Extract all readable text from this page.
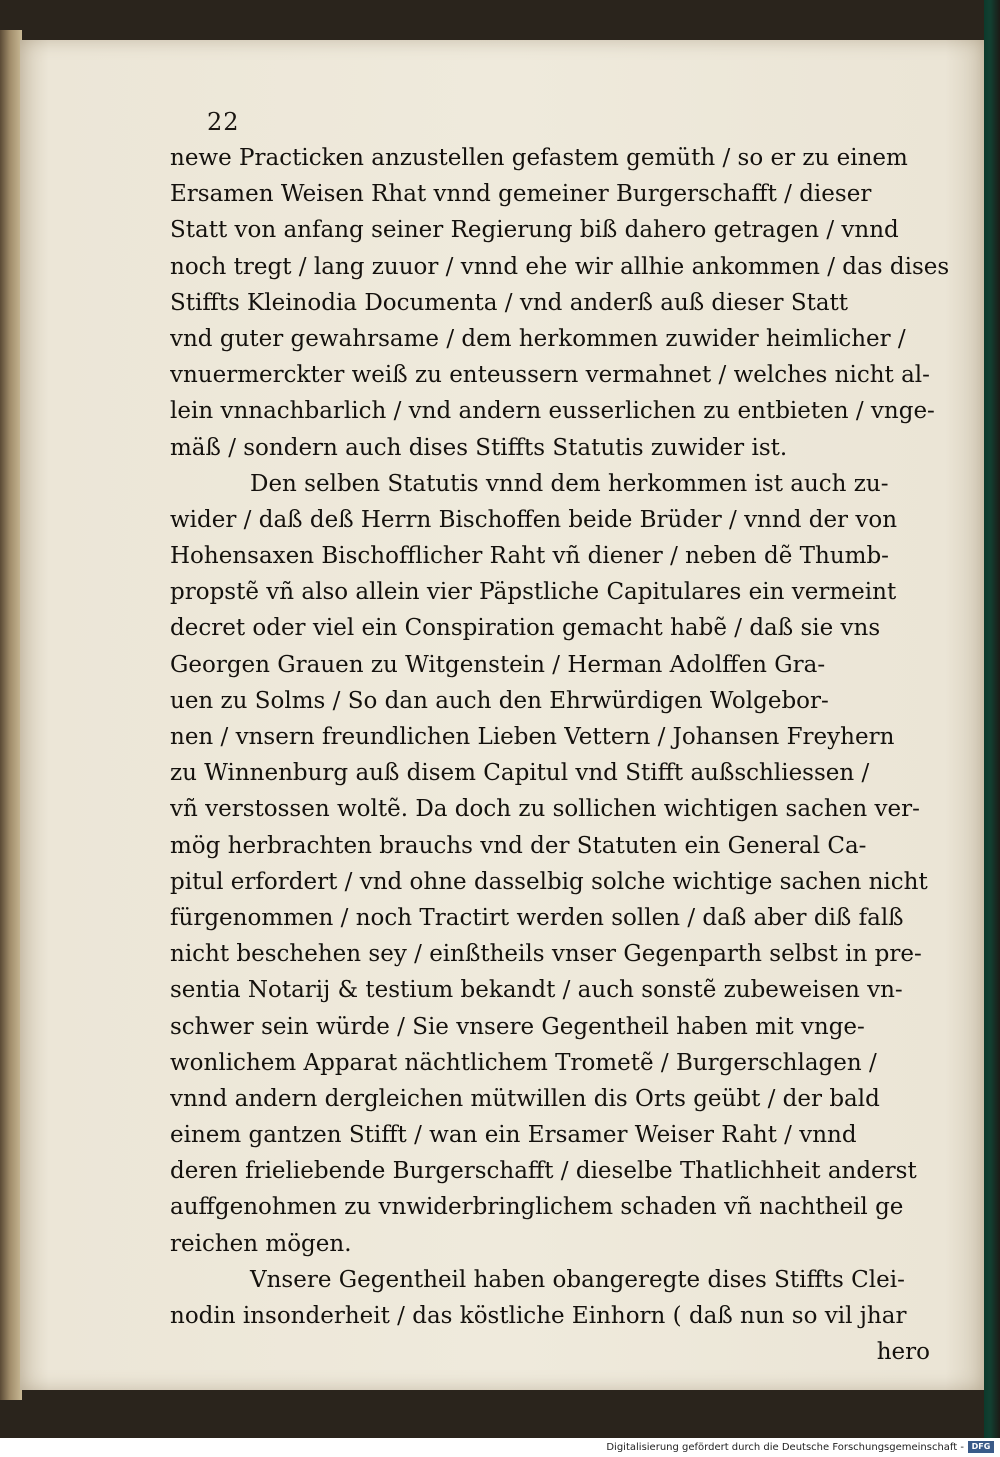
22
newe Practicken anzustellen gefastem gemüth / so er zu einem
Ersamen Weisen Rhat vnnd gemeiner Burgerschafft / dieser
Statt von anfang seiner Regierung biß dahero getragen / vnnd
noch tregt / lang zuuor / vnnd ehe wir allhie ankommen / das dises
Stiffts Kleinodia Documenta / vnd anderß auß dieser Statt
vnd guter gewahrsame / dem herkommen zuwider heimlicher /
vnuermerckter weiß zu enteussern vermahnet / welches nicht al-
lein vnnachbarlich / vnd andern eusserlichen zu entbieten / vnge-
mäß / sondern auch dises Stiffts Statutis zuwider ist.
Den selben Statutis vnnd dem herkommen ist auch zu-
wider / daß deß Herrn Bischoffen beide Brüder / vnnd der von
Hohensaxen Bischofflicher Raht vñ diener / neben dẽ Thumb-
propstẽ vñ also allein vier Päpstliche Capitulares ein vermeint
decret oder viel ein Conspiration gemacht habẽ / daß sie vns
Georgen Grauen zu Witgenstein / Herman Adolffen Gra-
uen zu Solms / So dan auch den Ehrwürdigen Wolgebor-
nen / vnsern freundlichen Lieben Vettern / Johansen Freyhern
zu Winnenburg auß disem Capitul vnd Stifft außschliessen /
vñ verstossen woltẽ. Da doch zu sollichen wichtigen sachen ver-
mög herbrachten brauchs vnd der Statuten ein General Ca-
pitul erfordert / vnd ohne dasselbig solche wichtige sachen nicht
fürgenommen / noch Tractirt werden sollen / daß aber diß falß
nicht beschehen sey / einßtheils vnser Gegenparth selbst in pre-
sentia Notarij & testium bekandt / auch sonstẽ zubeweisen vn-
schwer sein würde / Sie vnsere Gegentheil haben mit vnge-
wonlichem Apparat nächtlichem Trometẽ / Burgerschlagen /
vnnd andern dergleichen mütwillen dis Orts geübt / der bald
einem gantzen Stifft / wan ein Ersamer Weiser Raht / vnnd
deren frieliebende Burgerschafft / dieselbe Thatlichheit anderst
auffgenohmen zu vnwiderbringlichem schaden vñ nachtheil ge
reichen mögen.
Vnsere Gegentheil haben obangeregte dises Stiffts Clei-
nodin insonderheit / das köstliche Einhorn ( daß nun so vil jhar
hero
Digitalisierung gefördert durch die Deutsche Forschungsgemeinschaft - DFG
